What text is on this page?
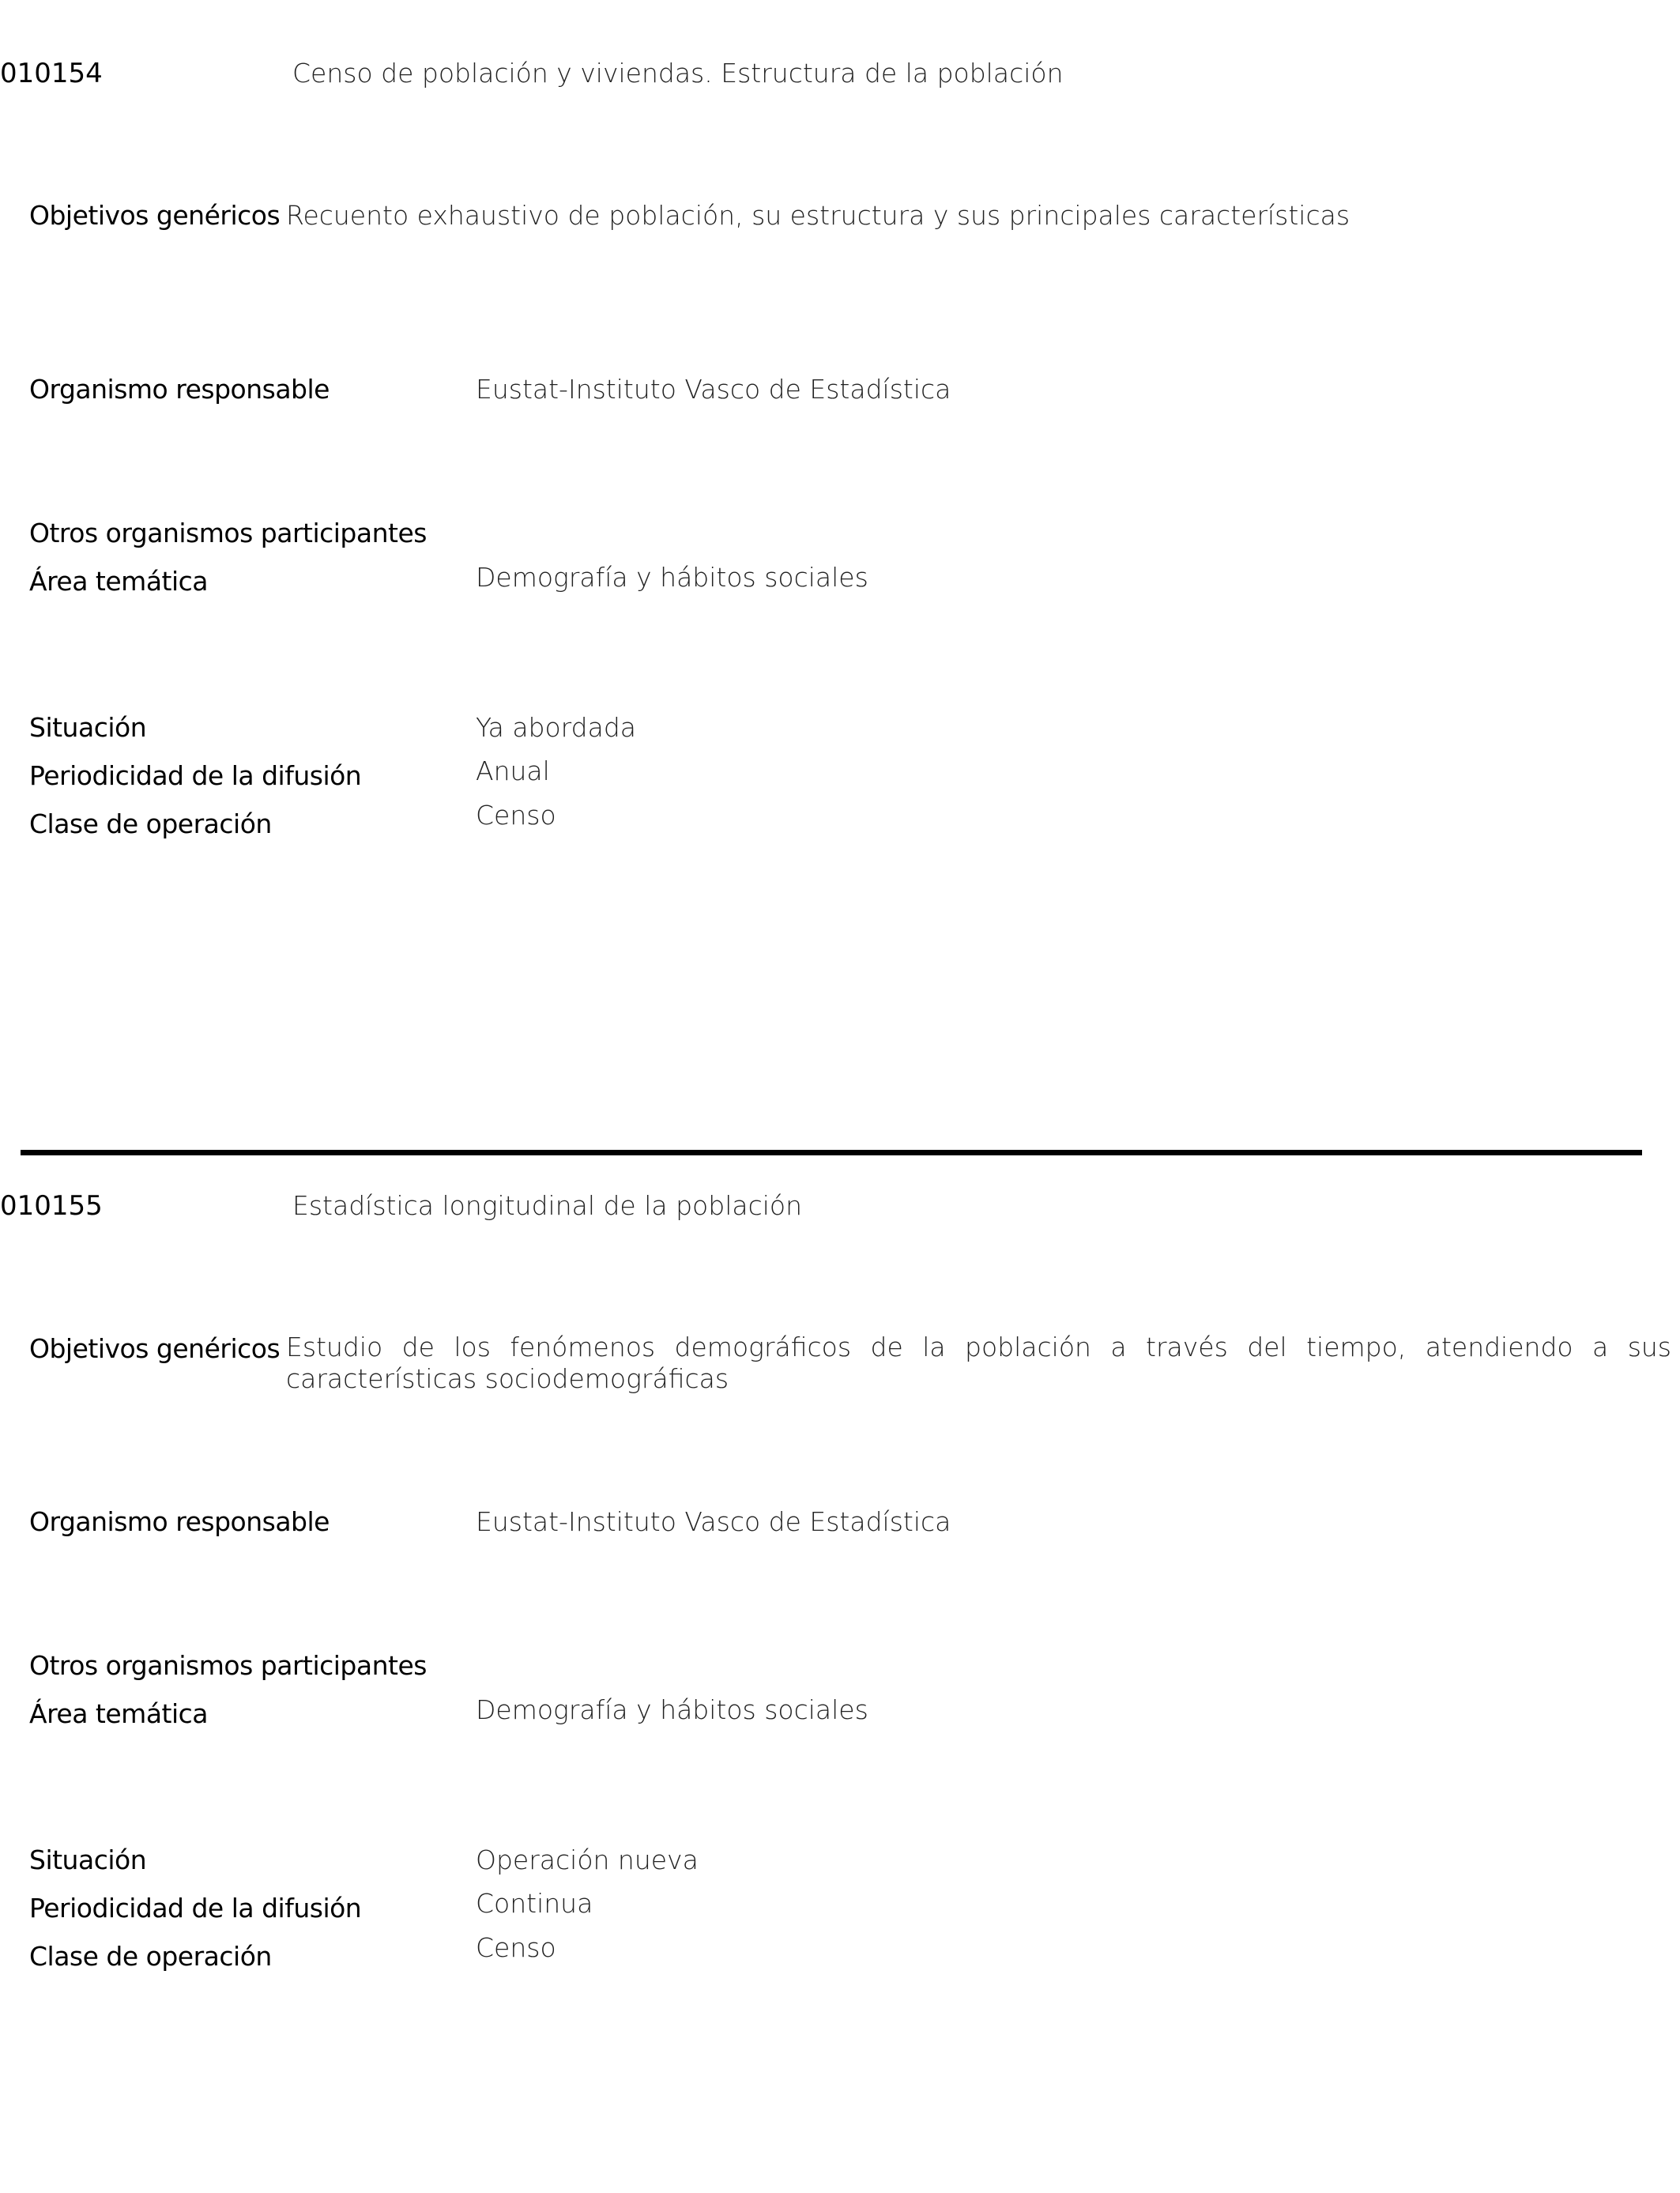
010154	Censo de población y viviendas. Estructura de la población
Objetivos genéricos Recuento exhaustivo de población, su estructura y sus principales características
Organismo responsable	Eustat-Instituto Vasco de Estadística
Otros organismos participantes
Área temática	Demografía y hábitos sociales
Situación	Ya abordada
Periodicidad de la difusión	Anual
Clase de operación	Censo
010155	Estadística longitudinal de la población
Objetivos genéricos Estudio de los fenómenos demográficos de la población a través del tiempo, atendiendo a sus características sociodemográficas
Organismo responsable	Eustat-Instituto Vasco de Estadística
Otros organismos participantes
Área temática	Demografía y hábitos sociales
Situación	Operación nueva
Periodicidad de la difusión	Continua
Clase de operación	Censo
